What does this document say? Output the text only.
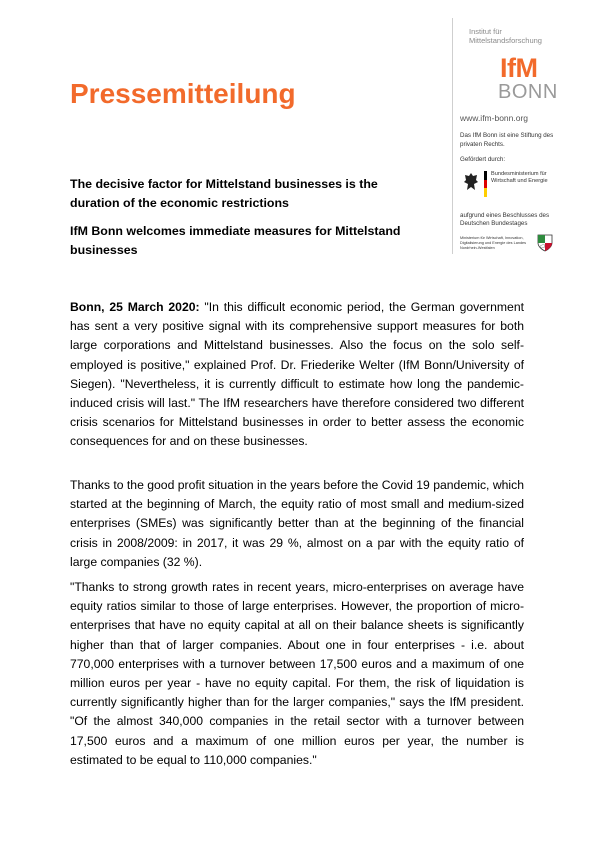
Pressemitteilung
Institut für
Mittelstandsforschung
IfM
BONN
www.ifm-bonn.org
Das IfM Bonn ist eine Stiftung des privaten Rechts.
Gefördert durch:
Bundesministerium für Wirtschaft und Energie
aufgrund eines Beschlusses des Deutschen Bundestages
Ministerium für Wirtschaft, Innovation, Digitalisierung und Energie des Landes Nordrhein-Westfalen

The decisive factor for Mittelstand businesses is the duration of the economic restrictions

IfM Bonn welcomes immediate measures for Mittelstand businesses

Bonn, 25 March 2020: "In this difficult economic period, the German government has sent a very positive signal with its comprehensive support measures for both large corporations and Mittelstand businesses. Also the focus on the solo self-employed is positive," explained Prof. Dr. Friederike Welter (IfM Bonn/University of Siegen). "Nevertheless, it is currently difficult to estimate how long the pandemic-induced crisis will last." The IfM researchers have therefore considered two different crisis scenarios for Mittelstand businesses in order to better assess the economic consequences for and on these businesses.

Thanks to the good profit situation in the years before the Covid 19 pandemic, which started at the beginning of March, the equity ratio of most small and medium-sized enterprises (SMEs) was significantly better than at the beginning of the financial crisis in 2008/2009: in 2017, it was 29 %, almost on a par with the equity ratio of large companies (32 %).

"Thanks to strong growth rates in recent years, micro-enterprises on average have equity ratios similar to those of large enterprises. However, the proportion of micro-enterprises that have no equity capital at all on their balance sheets is significantly higher than that of larger companies. About one in four enterprises - i.e. about 770,000 enterprises with a turnover between 17,500 euros and a maximum of one million euros per year - have no equity capital. For them, the risk of liquidation is currently significantly higher than for the larger companies," says the IfM president. "Of the almost 340,000 companies in the retail sector with a turnover between 17,500 euros and a maximum of one million euros per year, the number is estimated to be equal to 110,000 companies."
